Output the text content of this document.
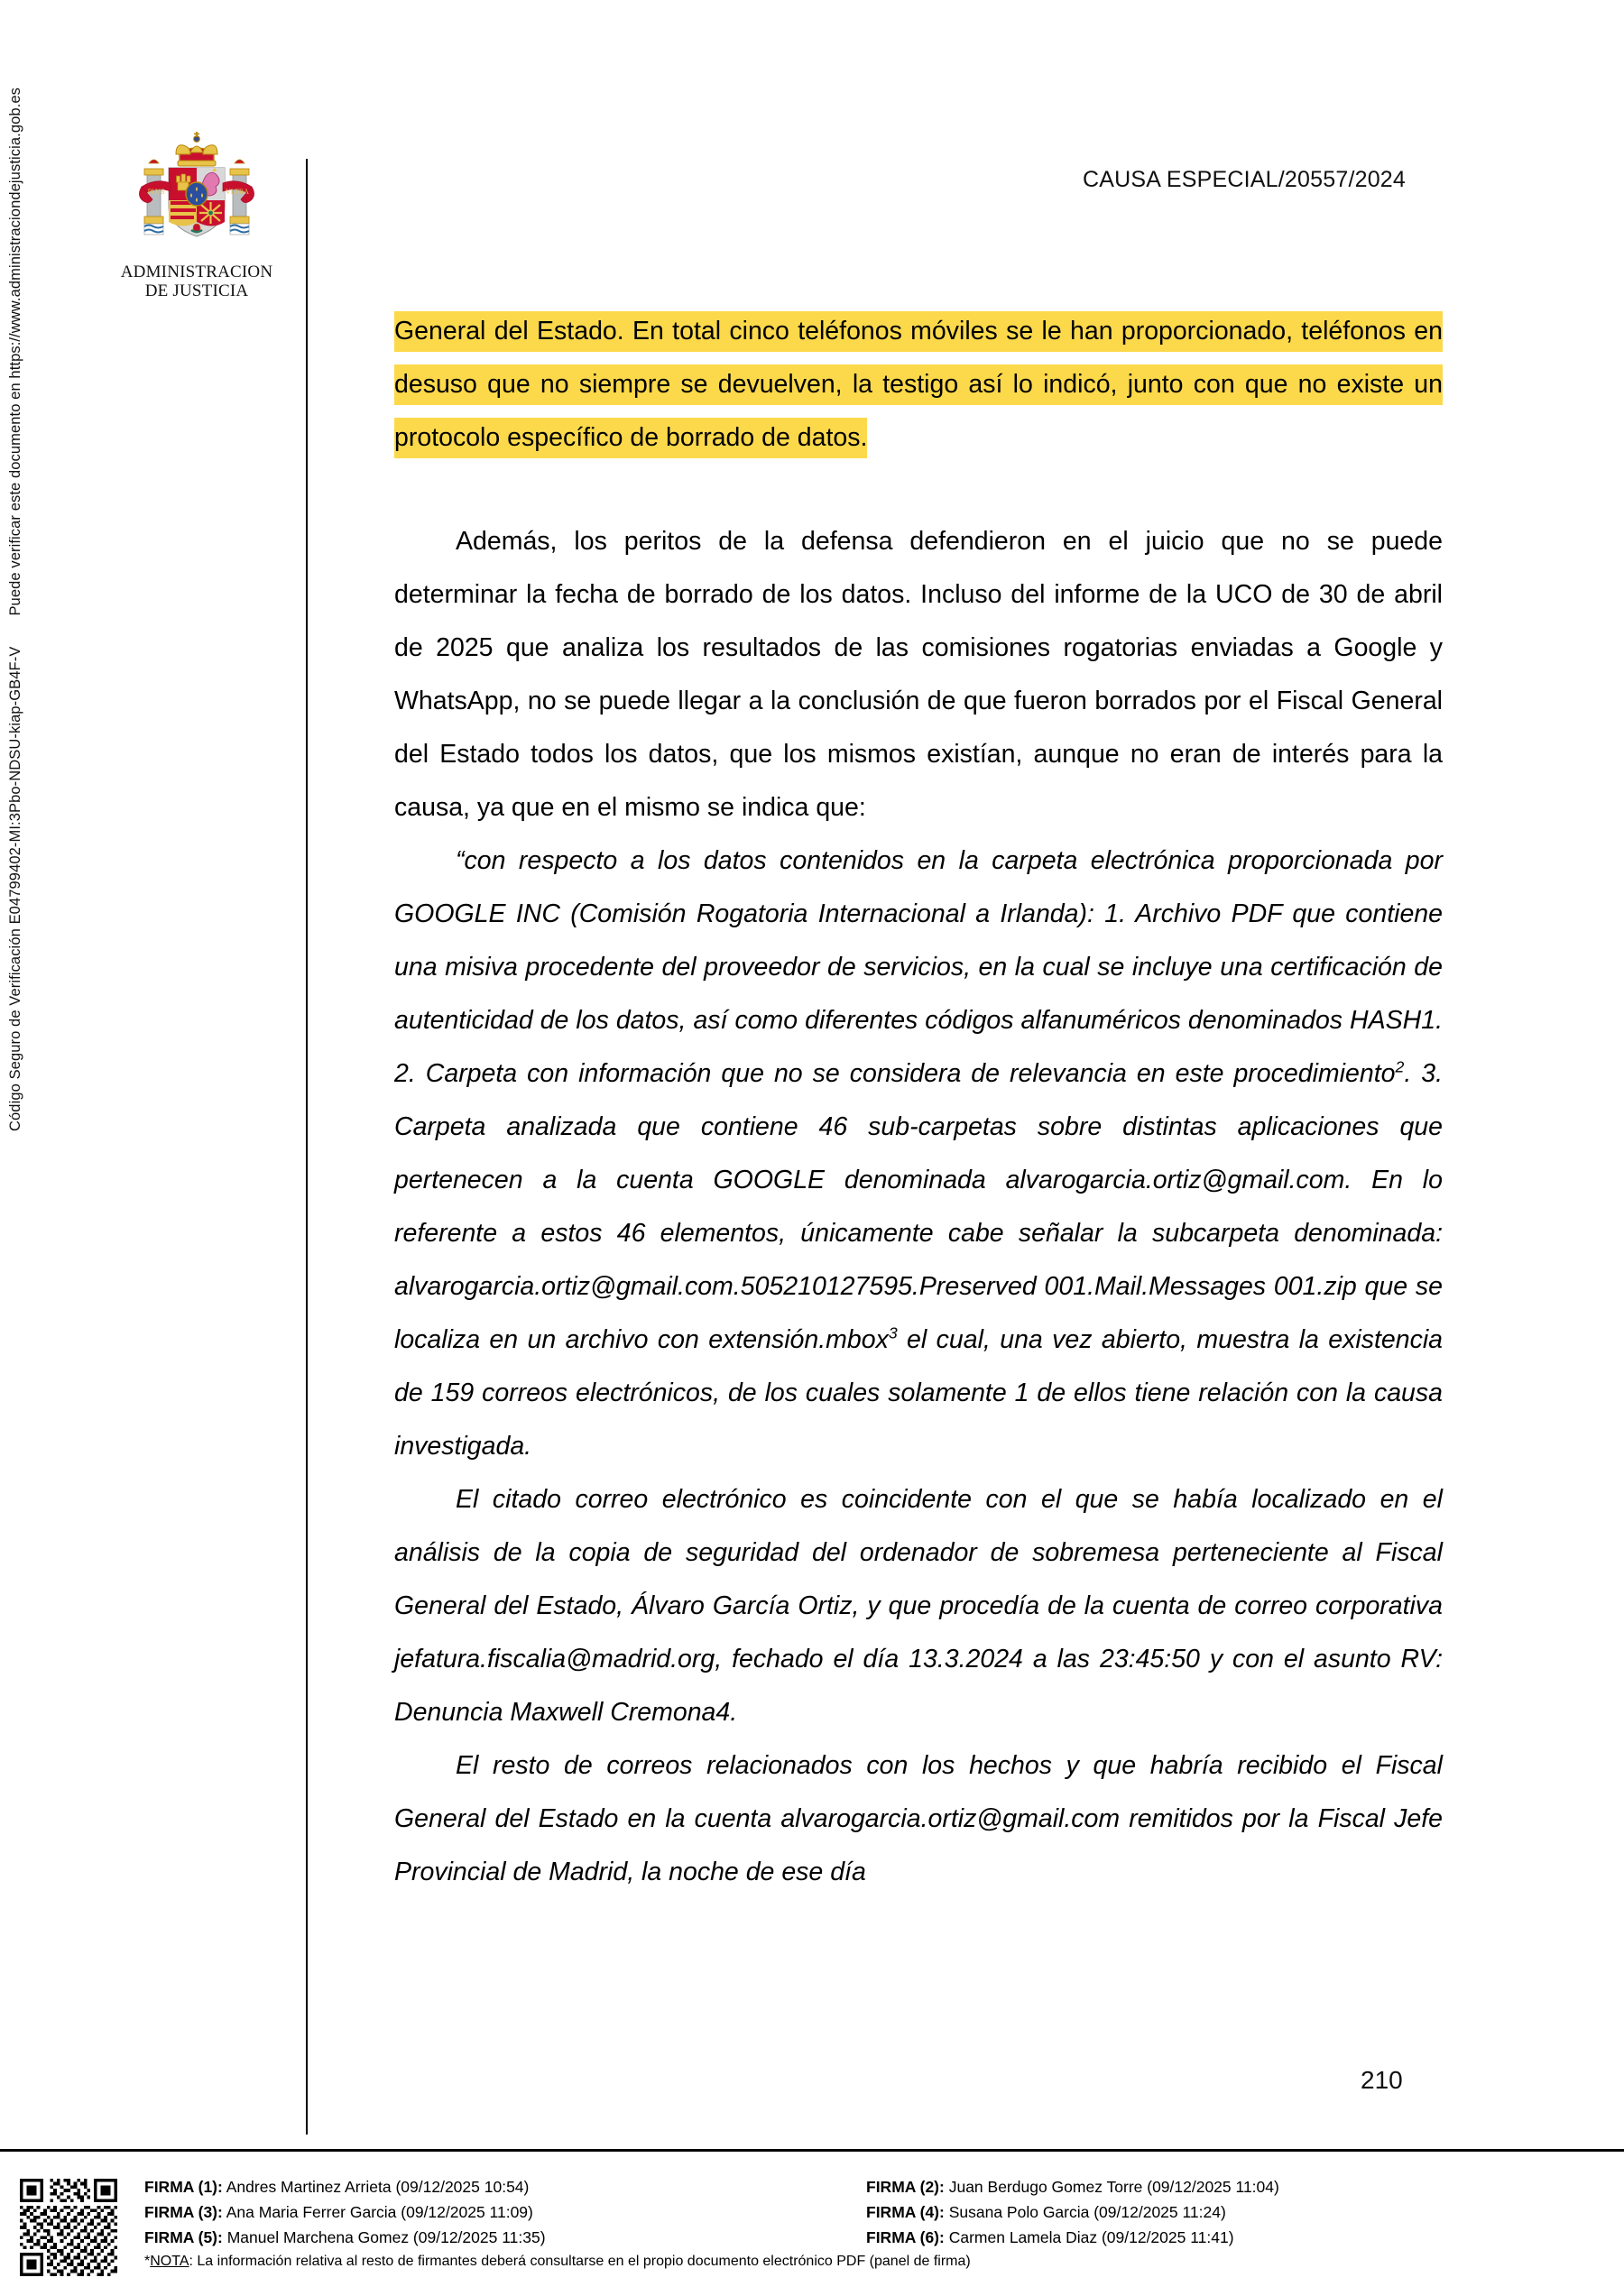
Código Seguro de Verificación E04799402-MI:3Pbo-NDSU-kiap-GB4F-VPuede verificar este documento en https://www.administraciondejusticia.gob.es	PLVS	VLTRA
ADMINISTRACION
DE JUSTICIA
CAUSA ESPECIAL/20557/2024

General del Estado. En total cinco teléfonos móviles se le han proporcionado, teléfonos en desuso que no siempre se devuelven, la testigo así lo indicó, junto con que no existe un protocolo específico de borrado de datos.

Además, los peritos de la defensa defendieron en el juicio que no se puede determinar la fecha de borrado de los datos. Incluso del informe de la UCO de 30 de abril de 2025 que analiza los resultados de las comisiones rogatorias enviadas a Google y WhatsApp, no se puede llegar a la conclusión de que fueron borrados por el Fiscal General del Estado todos los datos, que los mismos existían, aunque no eran de interés para la causa, ya que en el mismo se indica que:

“con respecto a los datos contenidos en la carpeta electrónica proporcionada por GOOGLE INC (Comisión Rogatoria Internacional a Irlanda): 1. Archivo PDF que contiene una misiva procedente del proveedor de servicios, en la cual se incluye una certificación de autenticidad de los datos, así como diferentes códigos alfanuméricos denominados HASH1. 2. Carpeta con información que no se considera de relevancia en este procedimiento$^2$. 3. Carpeta analizada que contiene 46 sub-carpetas sobre distintas aplicaciones que pertenecen a la cuenta GOOGLE denominada alvarogarcia.ortiz@gmail.com. En lo referente a estos 46 elementos, únicamente cabe señalar la subcarpeta denominada: alvarogarcia.ortiz@gmail.com.505210127595.Preserved 001.Mail.Messages 001.zip que se localiza en un archivo con extensión.mbox$^3$ el cual, una vez abierto, muestra la existencia de 159 correos electrónicos, de los cuales solamente 1 de ellos tiene relación con la causa investigada.

El citado correo electrónico es coincidente con el que se había localizado en el análisis de la copia de seguridad del ordenador de sobremesa perteneciente al Fiscal General del Estado, Álvaro García Ortiz, y que procedía de la cuenta de correo corporativa jefatura.fiscalia@madrid.org, fechado el día 13.3.2024 a las 23:45:50 y con el asunto RV: Denuncia Maxwell Cremona4.

El resto de correos relacionados con los hechos y que habría recibido el Fiscal General del Estado en la cuenta alvarogarcia.ortiz@gmail.com remitidos por la Fiscal Jefe Provincial de Madrid, la noche de ese día

210
FIRMA (1): Andres Martinez Arrieta (09/12/2025 10:54)	FIRMA (2): Juan Berdugo Gomez Torre (09/12/2025 11:04)
FIRMA (3): Ana Maria Ferrer Garcia (09/12/2025 11:09)	FIRMA (4): Susana Polo Garcia (09/12/2025 11:24)
FIRMA (5): Manuel Marchena Gomez (09/12/2025 11:35)	FIRMA (6): Carmen Lamela Diaz (09/12/2025 11:41)
*NOTA: La información relativa al resto de firmantes deberá consultarse en el propio documento electrónico PDF (panel de firma)
